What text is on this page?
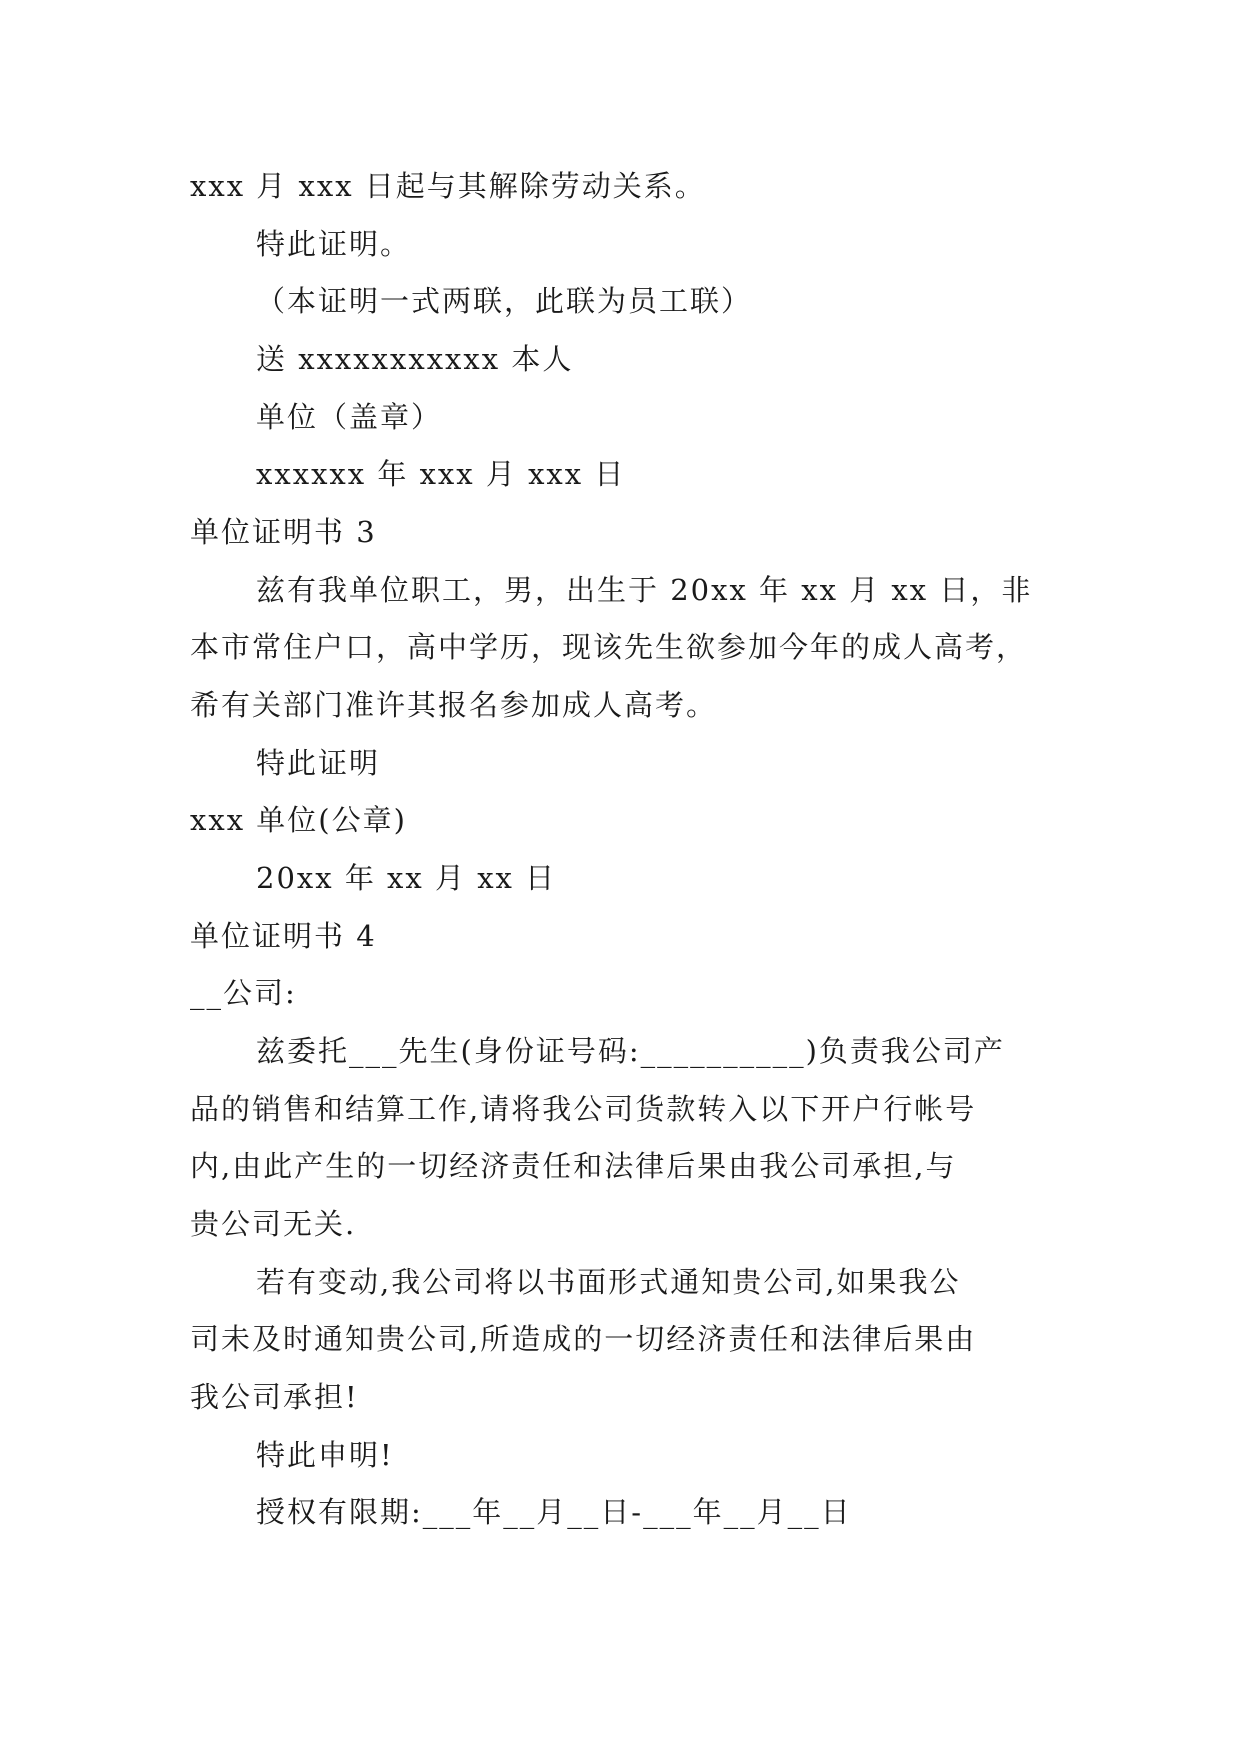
xxx 月 xxx 日起与其解除劳动关系。
特此证明。
（本证明一式两联，此联为员工联）
送 xxxxxxxxxxx 本人
单位（盖章）
xxxxxx 年 xxx 月 xxx 日
单位证明书 3
兹有我单位职工，男，出生于 20xx 年 xx 月 xx 日，非
本市常住户口，高中学历，现该先生欲参加今年的成人高考，
希有关部门准许其报名参加成人高考。
特此证明
xxx 单位(公章)
20xx 年 xx 月 xx 日
单位证明书 4
__公司:
兹委托___先生(身份证号码:__________)负责我公司产
品的销售和结算工作,请将我公司货款转入以下开户行帐号
内,由此产生的一切经济责任和法律后果由我公司承担,与
贵公司无关.
若有变动,我公司将以书面形式通知贵公司,如果我公
司未及时通知贵公司,所造成的一切经济责任和法律后果由
我公司承担!
特此申明!
授权有限期:___年__月__日-___年__月__日
